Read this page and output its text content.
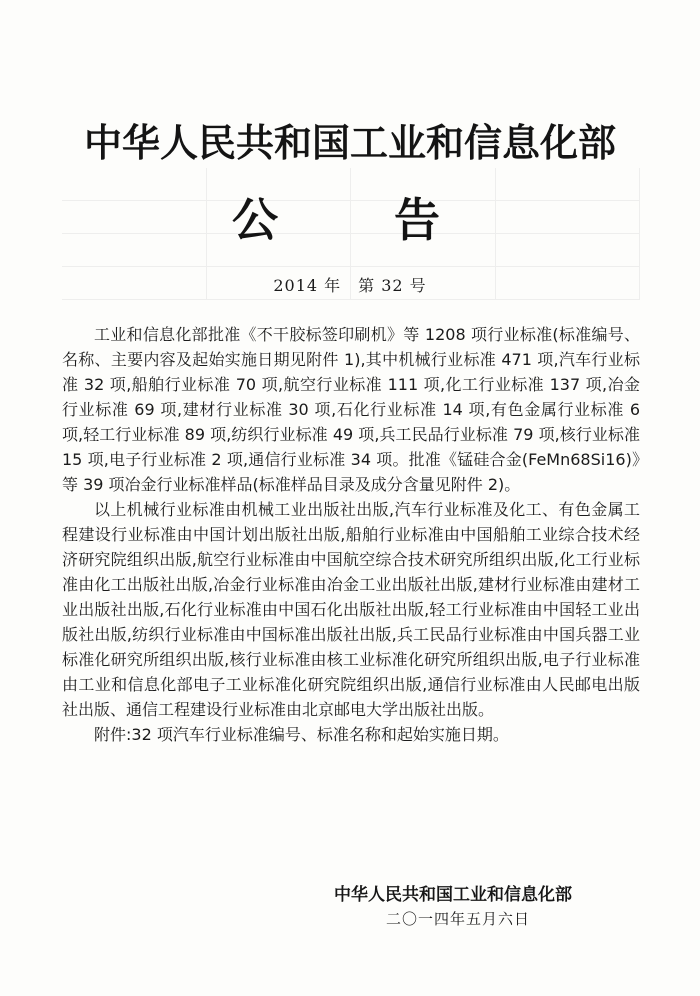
中华人民共和国工业和信息化部
公	告
2014 年　第 32 号

工业和信息化部批准《不干胶标签印刷机》等 1208 项行业标准(标准编号、名称、主要内容及起始实施日期见附件 1),其中机械行业标准 471 项,汽车行业标准 32 项,船舶行业标准 70 项,航空行业标准 111 项,化工行业标准 137 项,冶金行业标准 69 项,建材行业标准 30 项,石化行业标准 14 项,有色金属行业标准 6 项,轻工行业标准 89 项,纺织行业标准 49 项,兵工民品行业标准 79 项,核行业标准 15 项,电子行业标准 2 项,通信行业标准 34 项。批准《锰硅合金(FeMn68Si16)》等 39 项冶金行业标准样品(标准样品目录及成分含量见附件 2)。

以上机械行业标准由机械工业出版社出版,汽车行业标准及化工、有色金属工程建设行业标准由中国计划出版社出版,船舶行业标准由中国船舶工业综合技术经济研究院组织出版,航空行业标准由中国航空综合技术研究所组织出版,化工行业标准由化工出版社出版,冶金行业标准由冶金工业出版社出版,建材行业标准由建材工业出版社出版,石化行业标准由中国石化出版社出版,轻工行业标准由中国轻工业出版社出版,纺织行业标准由中国标准出版社出版,兵工民品行业标准由中国兵器工业标准化研究所组织出版,核行业标准由核工业标准化研究所组织出版,电子行业标准由工业和信息化部电子工业标准化研究院组织出版,通信行业标准由人民邮电出版社出版、通信工程建设行业标准由北京邮电大学出版社出版。

附件:32 项汽车行业标准编号、标准名称和起始实施日期。

中华人民共和国工业和信息化部
二〇一四年五月六日
